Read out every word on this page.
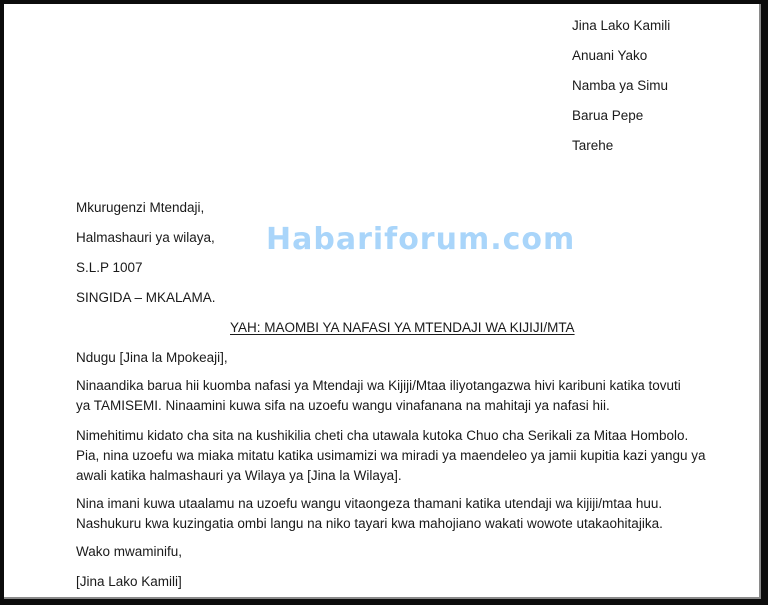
Jina Lako Kamili
Anuani Yako
Namba ya Simu
Barua Pepe
Tarehe
Mkurugenzi Mtendaji,
Halmashauri ya wilaya,
S.L.P 1007
SINGIDA – MKALAMA.
Habariforum.com
YAH: MAOMBI YA NAFASI YA MTENDAJI WA KIJIJI/MTA
Ndugu [Jina la Mpokeaji],
Ninaandika barua hii kuomba nafasi ya Mtendaji wa Kijiji/Mtaa iliyotangazwa hivi karibuni katika tovuti
ya TAMISEMI. Ninaamini kuwa sifa na uzoefu wangu vinafanana na mahitaji ya nafasi hii.
Nimehitimu kidato cha sita na kushikilia cheti cha utawala kutoka Chuo cha Serikali za Mitaa Hombolo.
Pia, nina uzoefu wa miaka mitatu katika usimamizi wa miradi ya maendeleo ya jamii kupitia kazi yangu ya
awali katika halmashauri ya Wilaya ya [Jina la Wilaya].
Nina imani kuwa utaalamu na uzoefu wangu vitaongeza thamani katika utendaji wa kijiji/mtaa huu.
Nashukuru kwa kuzingatia ombi langu na niko tayari kwa mahojiano wakati wowote utakaohitajika.
Wako mwaminifu,
[Jina Lako Kamili]
